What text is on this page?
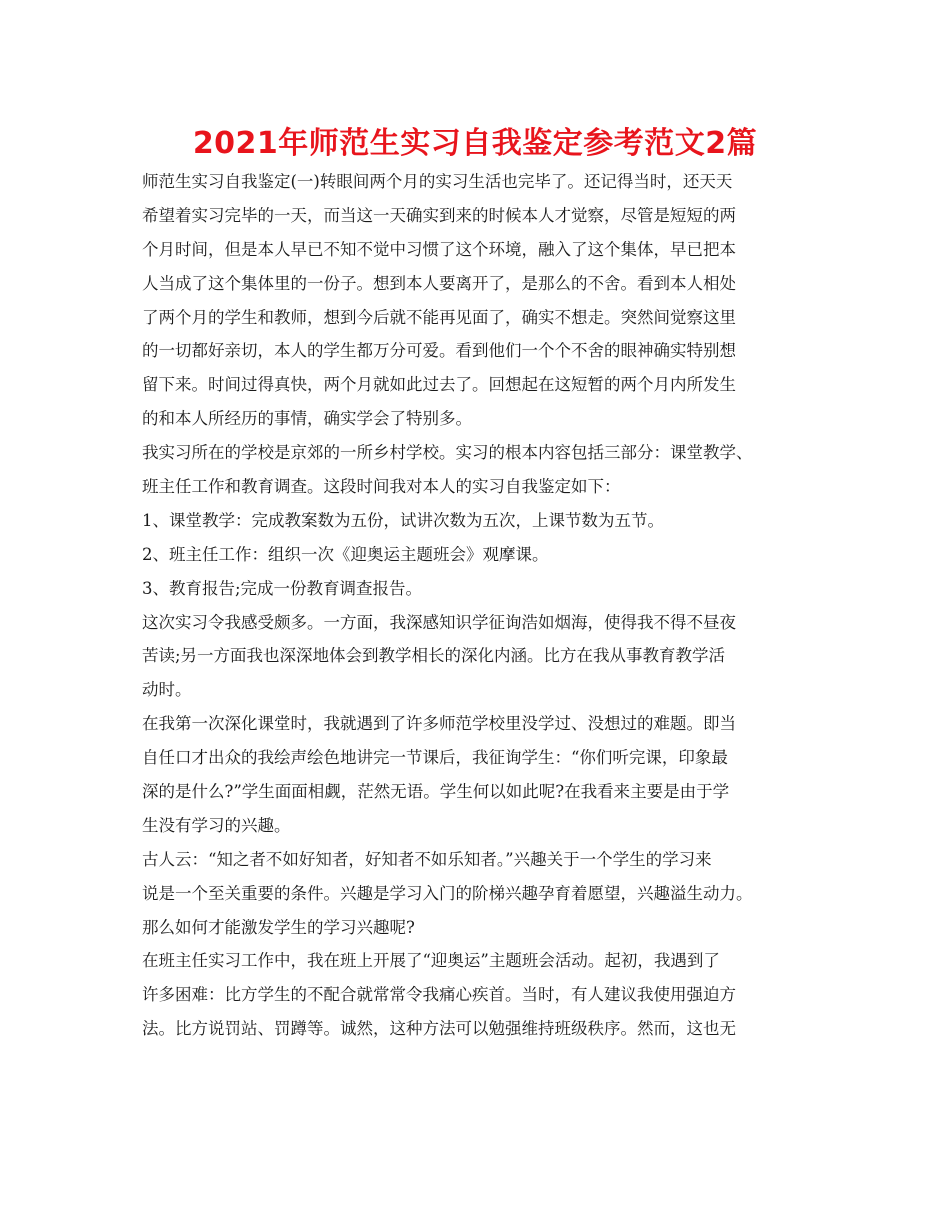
2021年师范生实习自我鉴定参考范文2篇
师范生实习自我鉴定(一)转眼间两个月的实习生活也完毕了。还记得当时，还天天
希望着实习完毕的一天，而当这一天确实到来的时候本人才觉察，尽管是短短的两
个月时间，但是本人早已不知不觉中习惯了这个环境，融入了这个集体，早已把本
人当成了这个集体里的一份子。想到本人要离开了，是那么的不舍。看到本人相处
了两个月的学生和教师，想到今后就不能再见面了，确实不想走。突然间觉察这里
的一切都好亲切，本人的学生都万分可爱。看到他们一个个不舍的眼神确实特别想
留下来。时间过得真快，两个月就如此过去了。回想起在这短暂的两个月内所发生
的和本人所经历的事情，确实学会了特别多。
我实习所在的学校是京郊的一所乡村学校。实习的根本内容包括三部分：课堂教学、
班主任工作和教育调查。这段时间我对本人的实习自我鉴定如下：
1、课堂教学：完成教案数为五份，试讲次数为五次，上课节数为五节。
2、班主任工作：组织一次《迎奥运主题班会》观摩课。
3、教育报告;完成一份教育调查报告。
这次实习令我感受颇多。一方面，我深感知识学征询浩如烟海，使得我不得不昼夜
苦读;另一方面我也深深地体会到教学相长的深化内涵。比方在我从事教育教学活
动时。
在我第一次深化课堂时，我就遇到了许多师范学校里没学过、没想过的难题。即当
自任口才出众的我绘声绘色地讲完一节课后，我征询学生：“你们听完课，印象最
深的是什么?”学生面面相觑，茫然无语。学生何以如此呢?在我看来主要是由于学
生没有学习的兴趣。
古人云：“知之者不如好知者，好知者不如乐知者。”兴趣关于一个学生的学习来
说是一个至关重要的条件。兴趣是学习入门的阶梯兴趣孕育着愿望，兴趣溢生动力。
那么如何才能激发学生的学习兴趣呢?
在班主任实习工作中，我在班上开展了“迎奥运”主题班会活动。起初，我遇到了
许多困难：比方学生的不配合就常常令我痛心疾首。当时，有人建议我使用强迫方
法。比方说罚站、罚蹲等。诚然，这种方法可以勉强维持班级秩序。然而，这也无
